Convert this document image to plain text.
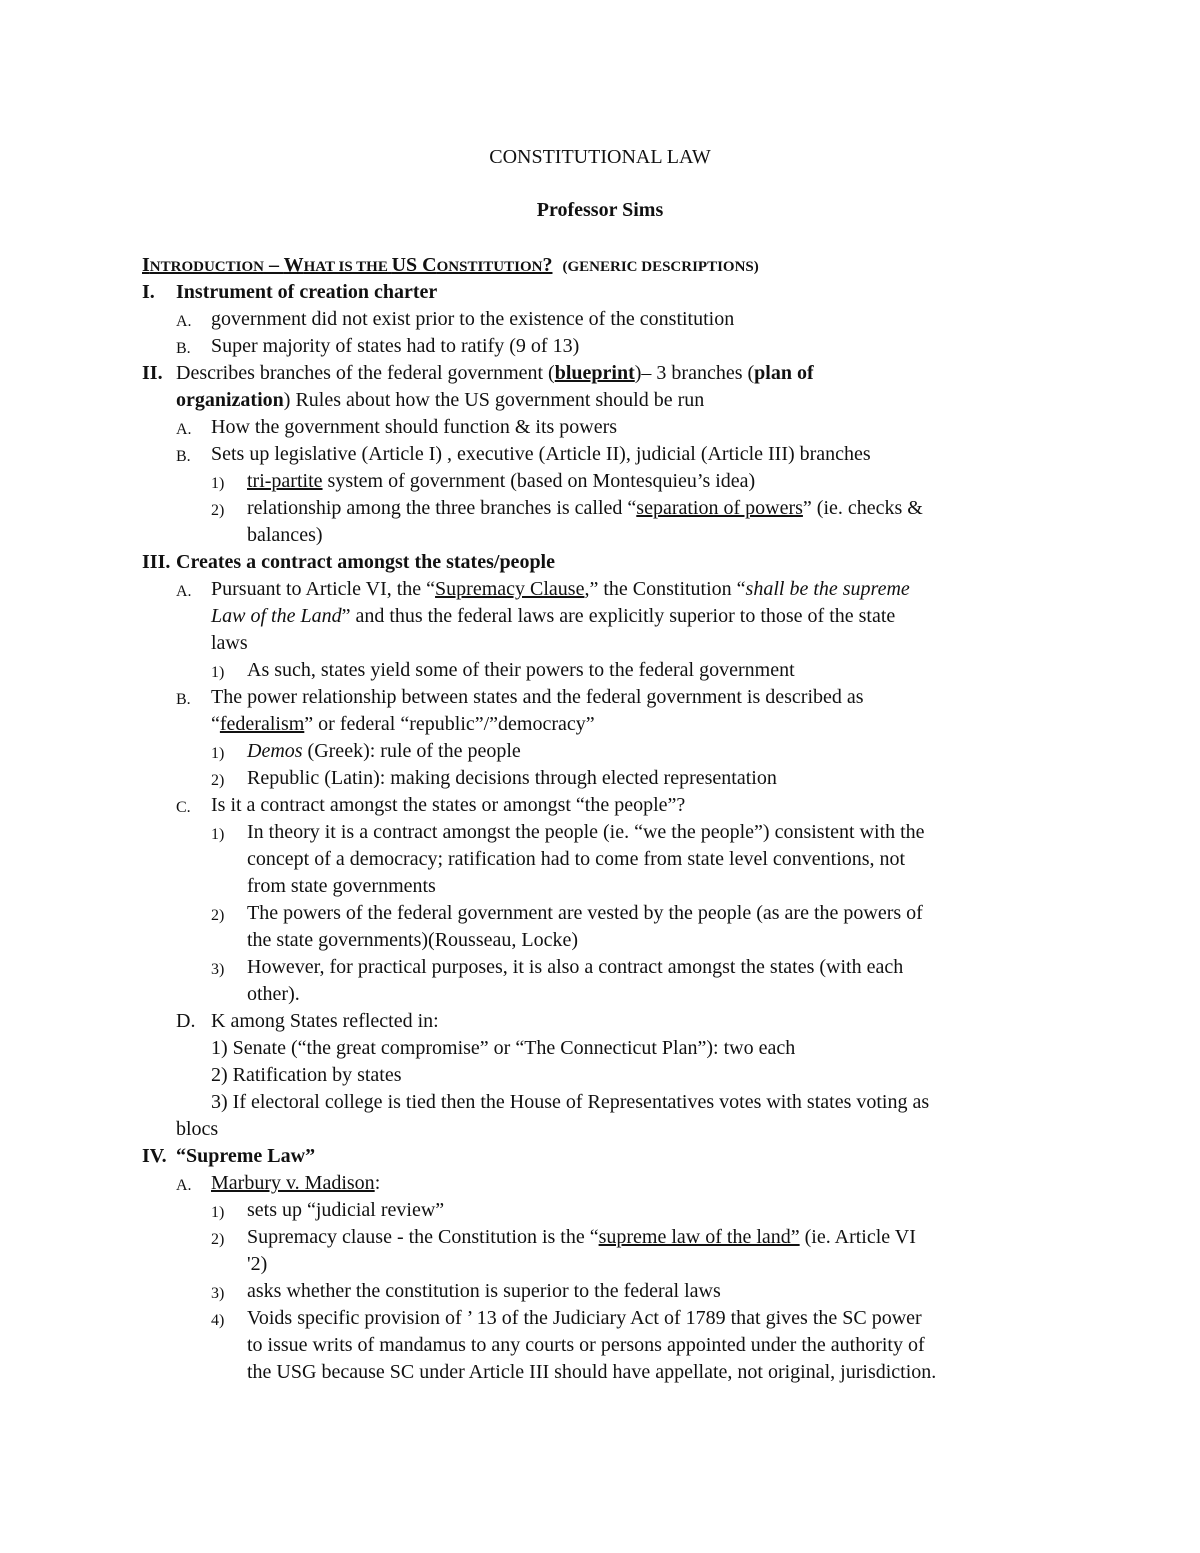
CONSTITUTIONAL LAW
Professor Sims
INTRODUCTION – WHAT IS THE US CONSTITUTION? (GENERIC DESCRIPTIONS)
I. Instrument of creation charter
A. government did not exist prior to the existence of the constitution
B. Super majority of states had to ratify (9 of 13)
II. Describes branches of the federal government (blueprint)– 3 branches (plan of
organization) Rules about how the US government should be run
A. How the government should function & its powers
B. Sets up legislative (Article I) , executive (Article II), judicial (Article III) branches
1) tri-partite system of government (based on Montesquieu’s idea)
2) relationship among the three branches is called “separation of powers” (ie. checks &
balances)
III. Creates a contract amongst the states/people
A. Pursuant to Article VI, the “Supremacy Clause,” the Constitution “shall be the supreme
Law of the Land” and thus the federal laws are explicitly superior to those of the state
laws
1) As such, states yield some of their powers to the federal government
B. The power relationship between states and the federal government is described as
“federalism” or federal “republic”/”democracy”
1) Demos (Greek): rule of the people
2) Republic (Latin): making decisions through elected representation
C. Is it a contract amongst the states or amongst “the people”?
1) In theory it is a contract amongst the people (ie. “we the people”) consistent with the
concept of a democracy; ratification had to come from state level conventions, not
from state governments
2) The powers of the federal government are vested by the people (as are the powers of
the state governments)(Rousseau, Locke)
3) However, for practical purposes, it is also a contract amongst the states (with each
other).
D. K among States reflected in:
1) Senate (“the great compromise” or “The Connecticut Plan”): two each
2) Ratification by states
3) If electoral college is tied then the House of Representatives votes with states voting as
blocs
IV. “Supreme Law”
A. Marbury v. Madison:
1) sets up “judicial review”
2) Supremacy clause - the Constitution is the “supreme law of the land” (ie. Article VI
'2)
3) asks whether the constitution is superior to the federal laws
4) Voids specific provision of ’ 13 of the Judiciary Act of 1789 that gives the SC power
to issue writs of mandamus to any courts or persons appointed under the authority of
the USG because SC under Article III should have appellate, not original, jurisdiction.
